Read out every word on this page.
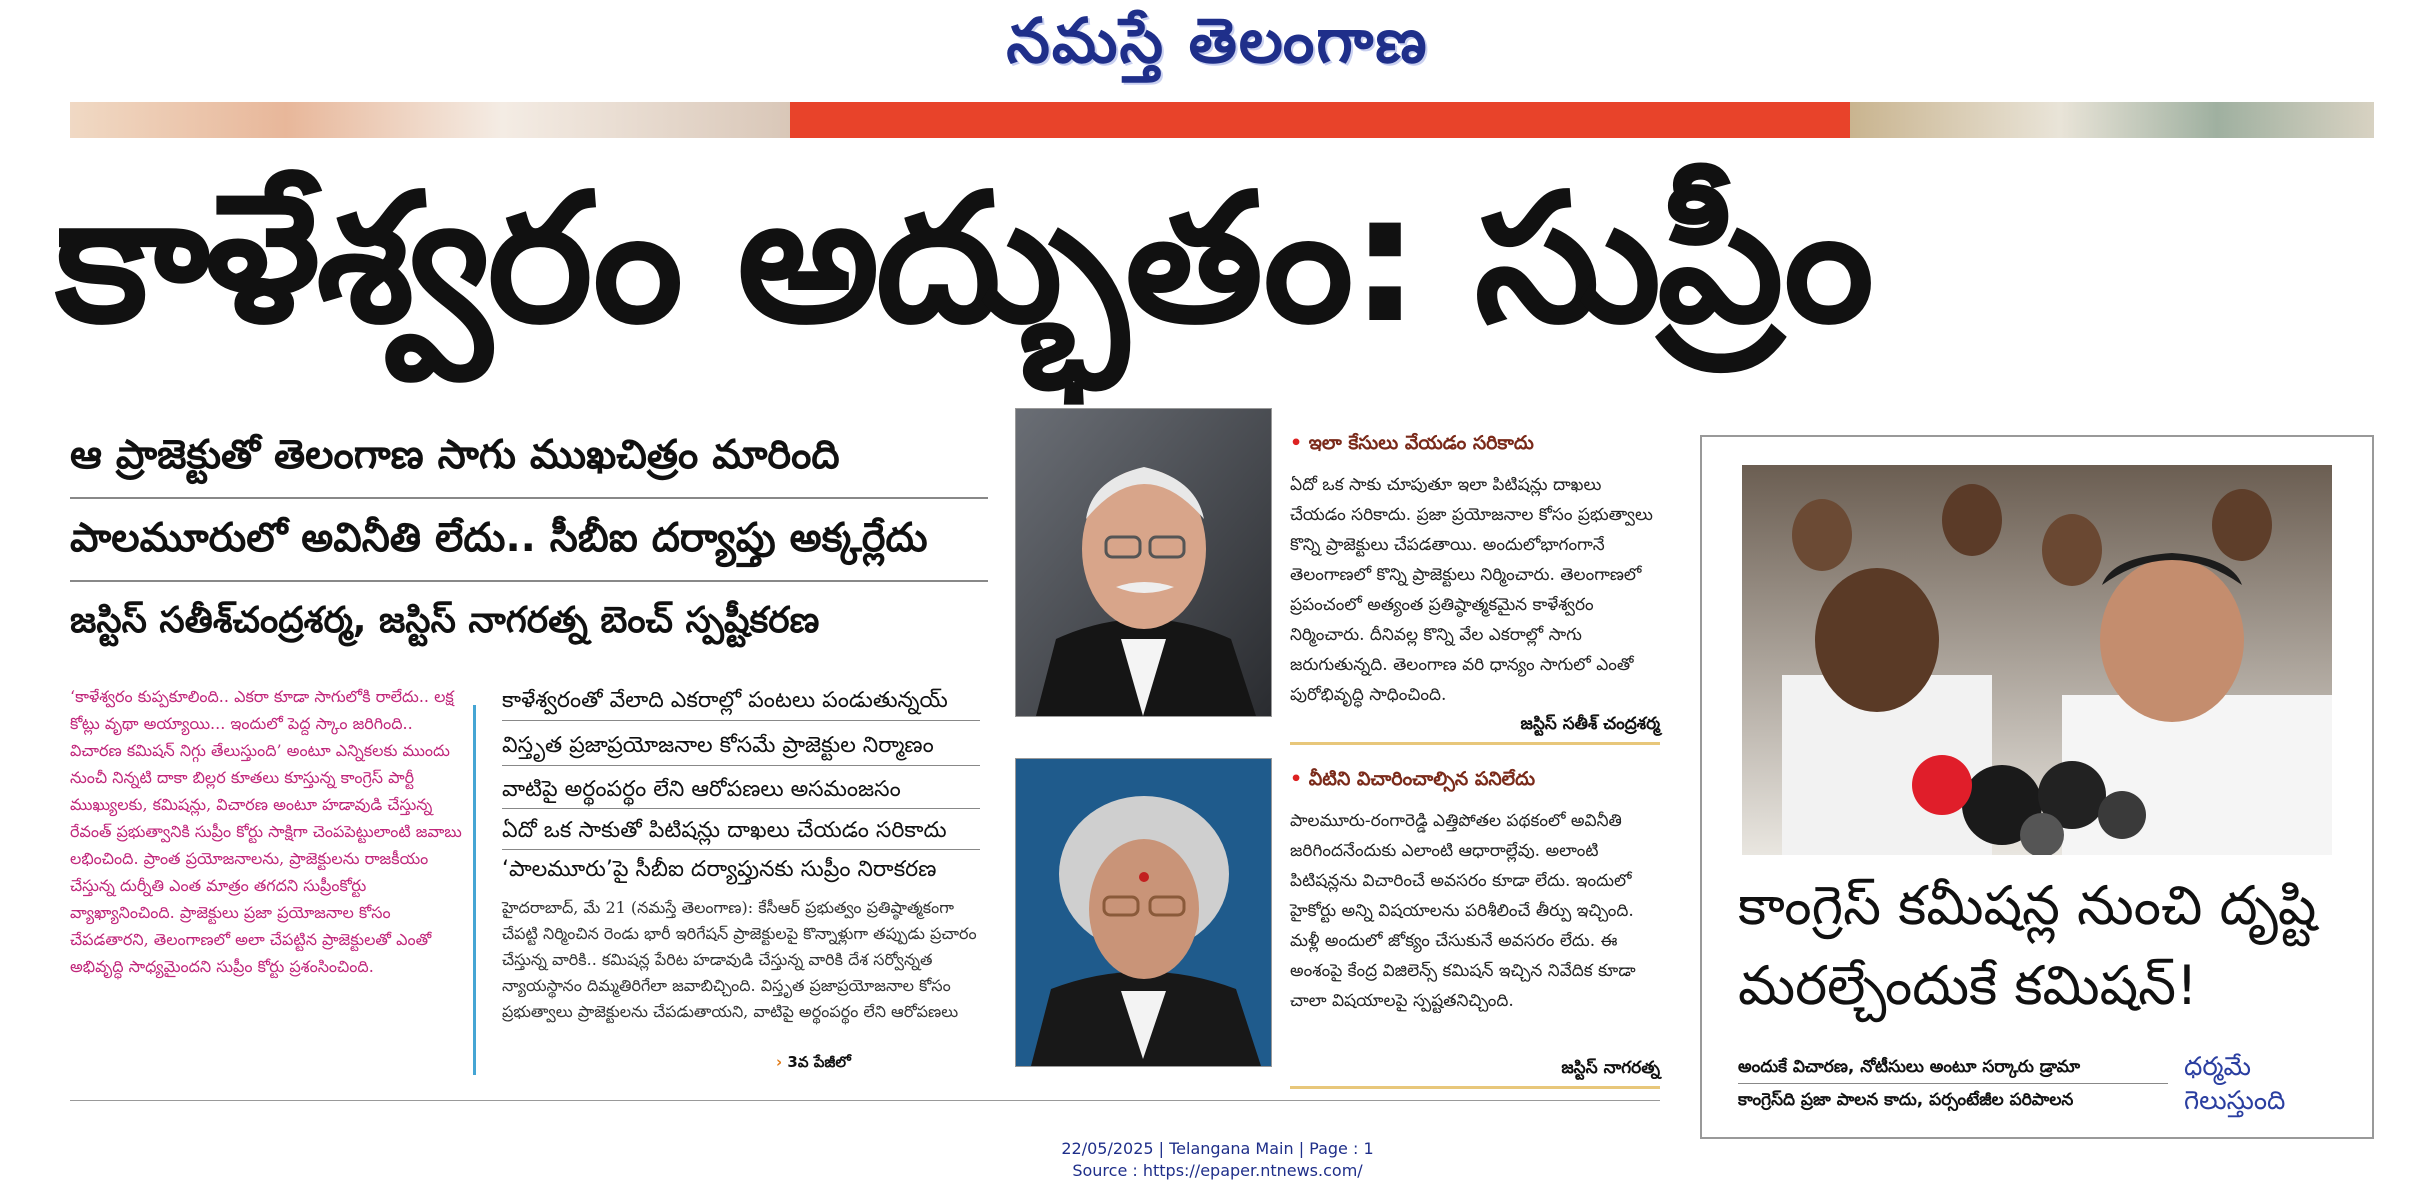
నమస్తే తెలంగాణ
కాళేశ్వరం అద్భుతం: సుప్రీం
ఆ ప్రాజెక్టుతో తెలంగాణ సాగు ముఖచిత్రం మారింది
పాలమూరులో అవినీతి లేదు.. సీబీఐ దర్యాప్తు అక్కర్లేదు
జస్టిస్ సతీశ్‌చంద్రశర్మ, జస్టిస్ నాగరత్న బెంచ్ స్పష్టీకరణ
‘కాళేశ్వరం కుప్పకూలింది.. ఎకరా కూడా సాగులోకి రాలేదు.. లక్ష కోట్లు వృథా అయ్యాయి... ఇందులో పెద్ద స్కాం జరిగింది.. విచారణ కమిషన్ నిగ్గు తేలుస్తుంది’ అంటూ ఎన్నికలకు ముందు నుంచీ నిన్నటి దాకా బిల్లర కూతలు కూస్తున్న కాంగ్రెస్ పార్టీ ముఖ్యులకు, కమిషన్లు, విచారణ అంటూ హడావుడి చేస్తున్న రేవంత్ ప్రభుత్వానికి సుప్రీం కోర్టు సాక్షిగా చెంపపెట్టులాంటి జవాబు లభించింది. ప్రాంత ప్రయోజనాలను, ప్రాజెక్టులను రాజకీయం చేస్తున్న దుర్నీతి ఎంత మాత్రం తగదని సుప్రీంకోర్టు వ్యాఖ్యానించింది. ప్రాజెక్టులు ప్రజా ప్రయోజనాల కోసం చేపడతారని, తెలంగాణలో అలా చేపట్టిన ప్రాజెక్టులతో ఎంతో అభివృద్ధి సాధ్యమైందని సుప్రీం కోర్టు ప్రశంసించింది.
కాళేశ్వరంతో వేలాది ఎకరాల్లో పంటలు పండుతున్నయ్
విస్తృత ప్రజాప్రయోజనాల కోసమే ప్రాజెక్టుల నిర్మాణం
వాటిపై అర్థంపర్థం లేని ఆరోపణలు అసమంజసం
ఏదో ఒక సాకుతో పిటిషన్లు దాఖలు చేయడం సరికాదు
‘పాలమూరు’పై సీబీఐ దర్యాప్తునకు సుప్రీం నిరాకరణ
హైదరాబాద్, మే 21 (నమస్తే తెలంగాణ): కేసీఆర్ ప్రభుత్వం ప్రతిష్ఠాత్మకంగా చేపట్టి నిర్మించిన రెండు భారీ ఇరిగేషన్ ప్రాజెక్టులపై కొన్నాళ్లుగా తప్పుడు ప్రచారం చేస్తున్న వారికి.. కమిషన్ల పేరిట హడావుడి చేస్తున్న వారికి దేశ సర్వోన్నత న్యాయస్థానం దిమ్మతిరిగేలా జవాబిచ్చింది. విస్తృత ప్రజాప్రయోజనాల కోసం ప్రభుత్వాలు ప్రాజెక్టులను చేపడుతాయని, వాటిపై అర్థంపర్థం లేని ఆరోపణలు
› 3వ పేజీలో
• ఇలా కేసులు వేయడం సరికాదు
ఏదో ఒక సాకు చూపుతూ ఇలా పిటిషన్లు దాఖలు చేయడం సరికాదు. ప్రజా ప్రయోజనాల కోసం ప్రభుత్వాలు కొన్ని ప్రాజెక్టులు చేపడతాయి. అందులోభాగంగానే తెలంగాణలో కొన్ని ప్రాజెక్టులు నిర్మించారు. తెలంగాణలో ప్రపంచంలో అత్యంత ప్రతిష్ఠాత్మకమైన కాళేశ్వరం నిర్మించారు. దీనివల్ల కొన్ని వేల ఎకరాల్లో సాగు జరుగుతున్నది. తెలంగాణ వరి ధాన్యం సాగులో ఎంతో పురోభివృద్ధి సాధించింది.
జస్టిస్ సతీశ్ చంద్రశర్మ
• వీటిని విచారించాల్సిన పనిలేదు
పాలమూరు-రంగారెడ్డి ఎత్తిపోతల పథకంలో అవినీతి జరిగిందనేందుకు ఎలాంటి ఆధారాల్లేవు. అలాంటి పిటిషన్లను విచారించే అవసరం కూడా లేదు. ఇందులో హైకోర్టు అన్ని విషయాలను పరిశీలించే తీర్పు ఇచ్చింది. మళ్లీ అందులో జోక్యం చేసుకునే అవసరం లేదు. ఈ అంశంపై కేంద్ర విజిలెన్స్ కమిషన్ ఇచ్చిన నివేదిక కూడా చాలా విషయాలపై స్పష్టతనిచ్చింది.
జస్టిస్ నాగరత్న
కాంగ్రెస్ కమీషన్ల నుంచి దృష్టి
మరల్చేందుకే కమిషన్!
అందుకే విచారణ, నోటీసులు అంటూ సర్కారు డ్రామా
కాంగ్రెస్‌ది ప్రజా పాలన కాదు, పర్సంటేజీల పరిపాలన
ధర్మమే
గెలుస్తుంది
22/05/2025 | Telangana Main | Page : 1
Source : https://epaper.ntnews.com/
